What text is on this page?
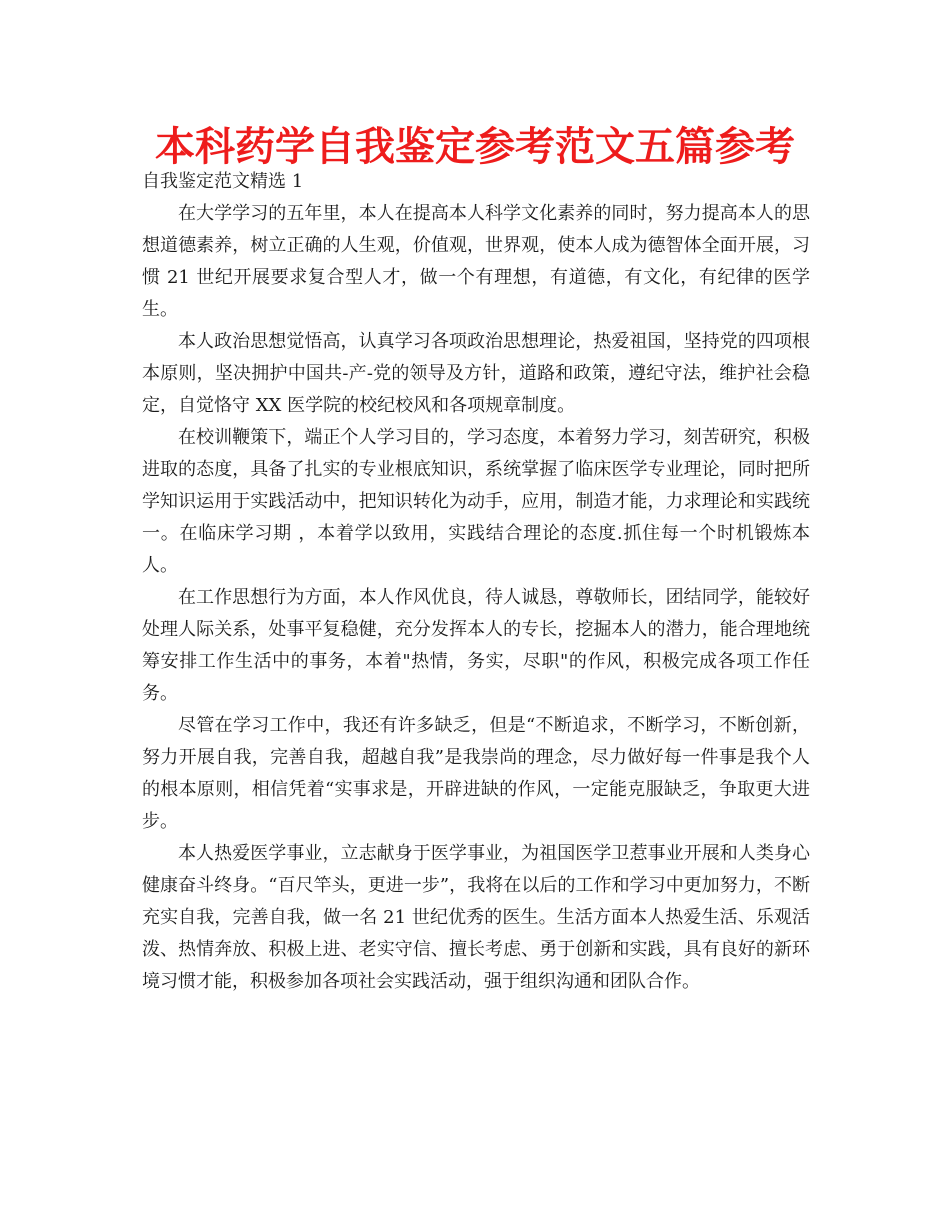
本科药学自我鉴定参考范文五篇参考

自我鉴定范文精选 1

在大学学习的五年里，本人在提高本人科学文化素养的同时，努力提高本人的思想道德素养，树立正确的人生观，价值观，世界观，使本人成为德智体全面开展，习惯 21 世纪开展要求复合型人才，做一个有理想，有道德，有文化，有纪律的医学生。

本人政治思想觉悟高，认真学习各项政治思想理论，热爱祖国，坚持党的四项根本原则，坚决拥护中国共-产-党的领导及方针，道路和政策，遵纪守法，维护社会稳定，自觉恪守 XX 医学院的校纪校风和各项规章制度。

在校训鞭策下，端正个人学习目的，学习态度，本着努力学习，刻苦研究，积极进取的态度，具备了扎实的专业根底知识，系统掌握了临床医学专业理论，同时把所学知识运用于实践活动中，把知识转化为动手，应用，制造才能，力求理论和实践统一。在临床学习期 ，本着学以致用，实践结合理论的态度.抓住每一个时机锻炼本人。

在工作思想行为方面，本人作风优良，待人诚恳，尊敬师长，团结同学，能较好处理人际关系，处事平复稳健，充分发挥本人的专长，挖掘本人的潜力，能合理地统筹安排工作生活中的事务，本着"热情，务实，尽职"的作风，积极完成各项工作任务。

尽管在学习工作中，我还有许多缺乏，但是“不断追求，不断学习，不断创新，努力开展自我，完善自我，超越自我”是我崇尚的理念，尽力做好每一件事是我个人的根本原则，相信凭着“实事求是，开辟进缺的作风，一定能克服缺乏，争取更大进步。

本人热爱医学事业，立志献身于医学事业，为祖国医学卫惹事业开展和人类身心健康奋斗终身。“百尺竿头，更进一步”，我将在以后的工作和学习中更加努力，不断充实自我，完善自我，做一名 21 世纪优秀的医生。生活方面本人热爱生活、乐观活泼、热情奔放、积极上进、老实守信、擅长考虑、勇于创新和实践，具有良好的新环境习惯才能，积极参加各项社会实践活动，强于组织沟通和团队合作。
